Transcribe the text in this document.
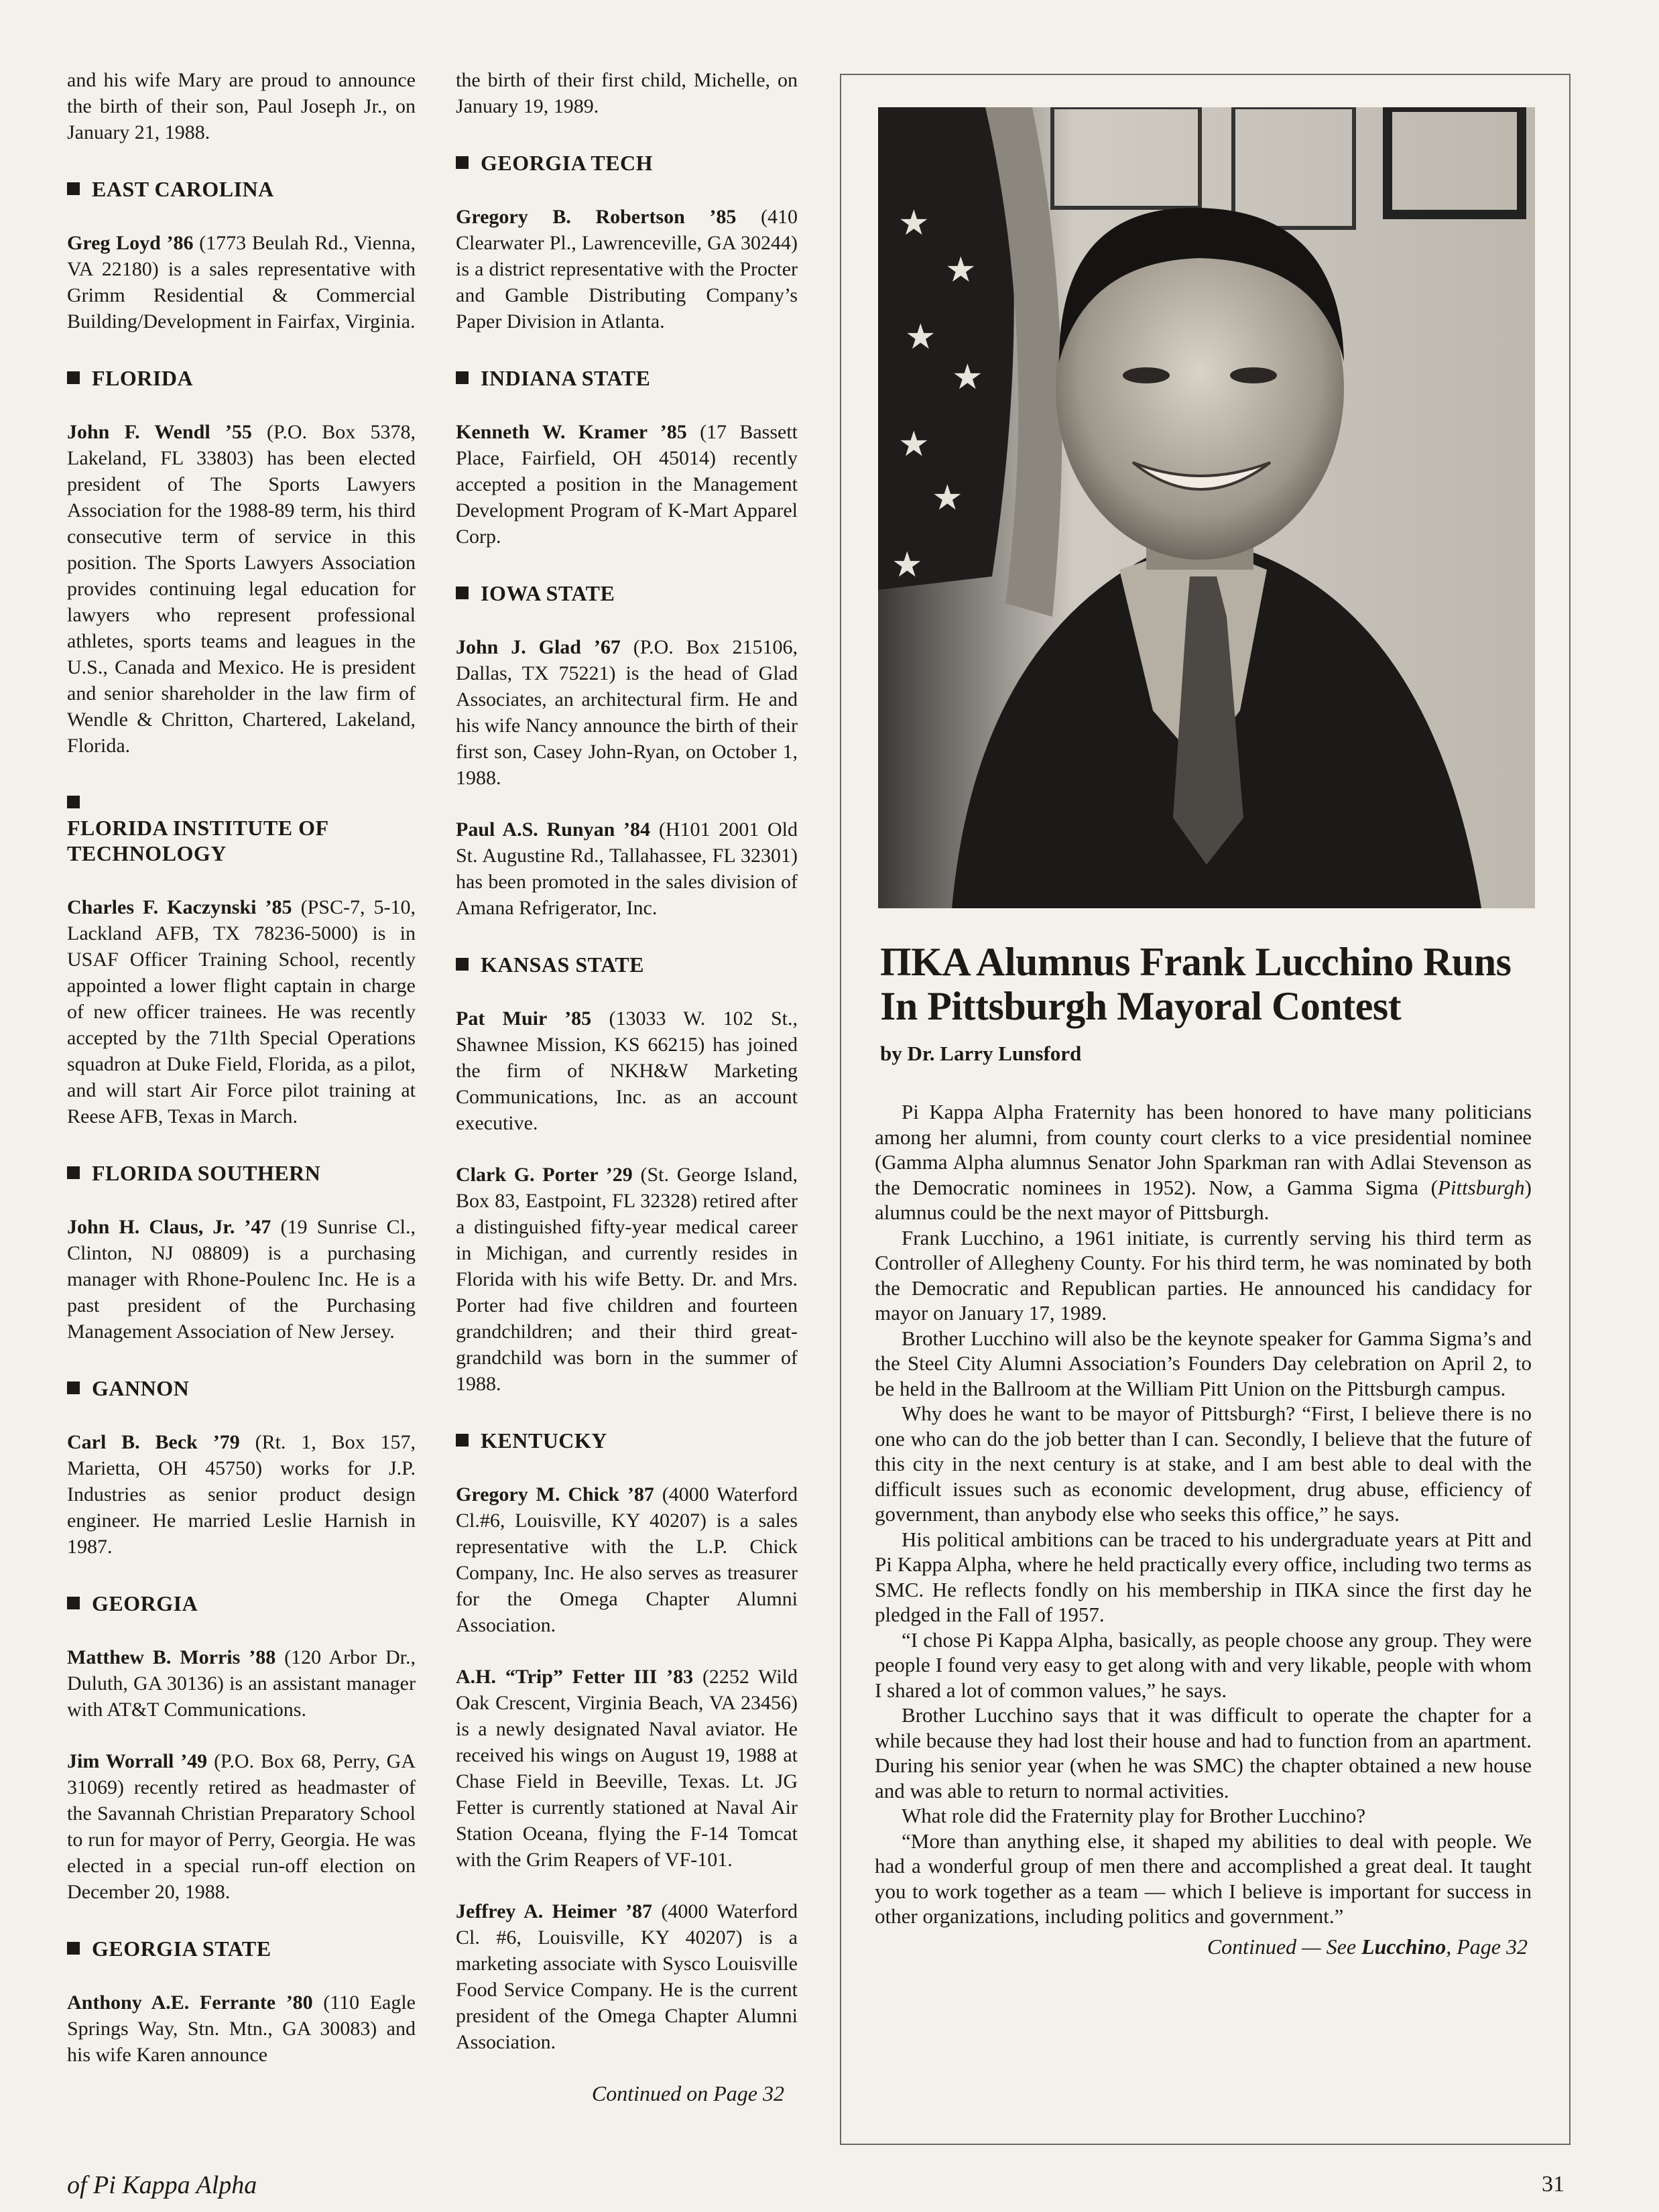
and his wife Mary are proud to announce the birth of their son, Paul Joseph Jr., on January 21, 1988.

EAST CAROLINA

Greg Loyd ’86 (1773 Beulah Rd., Vienna, VA 22180) is a sales representative with Grimm Residential & Commercial Building/Development in Fairfax, Virginia.

FLORIDA

John F. Wendl ’55 (P.O. Box 5378, Lakeland, FL 33803) has been elected president of The Sports Lawyers Association for the 1988-89 term, his third consecutive term of service in this position. The Sports Lawyers Association provides continuing legal education for lawyers who represent professional athletes, sports teams and leagues in the U.S., Canada and Mexico. He is president and senior shareholder in the law firm of Wendle & Chritton, Chartered, Lakeland, Florida.

FLORIDA INSTITUTE OF TECHNOLOGY

Charles F. Kaczynski ’85 (PSC-7, 5-10, Lackland AFB, TX 78236-5000) is in USAF Officer Training School, recently appointed a lower flight captain in charge of new officer trainees. He was recently accepted by the 71lth Special Operations squadron at Duke Field, Florida, as a pilot, and will start Air Force pilot training at Reese AFB, Texas in March.

FLORIDA SOUTHERN

John H. Claus, Jr. ’47 (19 Sunrise Cl., Clinton, NJ 08809) is a purchasing manager with Rhone-Poulenc Inc. He is a past president of the Purchasing Management Association of New Jersey.

GANNON

Carl B. Beck ’79 (Rt. 1, Box 157, Marietta, OH 45750) works for J.P. Industries as senior product design engineer. He married Leslie Harnish in 1987.

GEORGIA

Matthew B. Morris ’88 (120 Arbor Dr., Duluth, GA 30136) is an assistant manager with AT&T Communications.

Jim Worrall ’49 (P.O. Box 68, Perry, GA 31069) recently retired as headmaster of the Savannah Christian Preparatory School to run for mayor of Perry, Georgia. He was elected in a special run-off election on December 20, 1988.

GEORGIA STATE

Anthony A.E. Ferrante ’80 (110 Eagle Springs Way, Stn. Mtn., GA 30083) and his wife Karen announce

the birth of their first child, Michelle, on January 19, 1989.

GEORGIA TECH

Gregory B. Robertson ’85 (410 Clearwater Pl., Lawrenceville, GA 30244) is a district representative with the Procter and Gamble Distributing Company’s Paper Division in Atlanta.

INDIANA STATE

Kenneth W. Kramer ’85 (17 Bassett Place, Fairfield, OH 45014) recently accepted a position in the Management Development Program of K-Mart Apparel Corp.

IOWA STATE

John J. Glad ’67 (P.O. Box 215106, Dallas, TX 75221) is the head of Glad Associates, an architectural firm. He and his wife Nancy announce the birth of their first son, Casey John-Ryan, on October 1, 1988.

Paul A.S. Runyan ’84 (H101 2001 Old St. Augustine Rd., Tallahassee, FL 32301) has been promoted in the sales division of Amana Refrigerator, Inc.

KANSAS STATE

Pat Muir ’85 (13033 W. 102 St., Shawnee Mission, KS 66215) has joined the firm of NKH&W Marketing Communications, Inc. as an account executive.

Clark G. Porter ’29 (St. George Island, Box 83, Eastpoint, FL 32328) retired after a distinguished fifty-year medical career in Michigan, and currently resides in Florida with his wife Betty. Dr. and Mrs. Porter had five children and fourteen grandchildren; and their third great-grandchild was born in the summer of 1988.

KENTUCKY

Gregory M. Chick ’87 (4000 Waterford Cl.#6, Louisville, KY 40207) is a sales representative with the L.P. Chick Company, Inc. He also serves as treasurer for the Omega Chapter Alumni Association.

A.H. “Trip” Fetter III ’83 (2252 Wild Oak Crescent, Virginia Beach, VA 23456) is a newly designated Naval aviator. He received his wings on August 19, 1988 at Chase Field in Beeville, Texas. Lt. JG Fetter is currently stationed at Naval Air Station Oceana, flying the F-14 Tomcat with the Grim Reapers of VF-101.

Jeffrey A. Heimer ’87 (4000 Waterford Cl. #6, Louisville, KY 40207) is a marketing associate with Sysco Louisville Food Service Company. He is the current president of the Omega Chapter Alumni Association.

Continued on Page 32
★
★
★
★
★
★
★
ΠKA Alumnus Frank Lucchino Runs In Pittsburgh Mayoral Contest
by Dr. Larry Lunsford

Pi Kappa Alpha Fraternity has been honored to have many politicians among her alumni, from county court clerks to a vice presidential nominee (Gamma Alpha alumnus Senator John Sparkman ran with Adlai Stevenson as the Democratic nominees in 1952). Now, a Gamma Sigma (Pittsburgh) alumnus could be the next mayor of Pittsburgh.

Frank Lucchino, a 1961 initiate, is currently serving his third term as Controller of Allegheny County. For his third term, he was nominated by both the Democratic and Republican parties. He announced his candidacy for mayor on January 17, 1989.

Brother Lucchino will also be the keynote speaker for Gamma Sigma’s and the Steel City Alumni Association’s Founders Day celebration on April 2, to be held in the Ballroom at the William Pitt Union on the Pittsburgh campus.

Why does he want to be mayor of Pittsburgh? “First, I believe there is no one who can do the job better than I can. Secondly, I believe that the future of this city in the next century is at stake, and I am best able to deal with the difficult issues such as economic development, drug abuse, efficiency of government, than anybody else who seeks this office,” he says.

His political ambitions can be traced to his undergraduate years at Pitt and Pi Kappa Alpha, where he held practically every office, including two terms as SMC. He reflects fondly on his membership in ΠKA since the first day he pledged in the Fall of 1957.

“I chose Pi Kappa Alpha, basically, as people choose any group. They were people I found very easy to get along with and very likable, people with whom I shared a lot of common values,” he says.

Brother Lucchino says that it was difficult to operate the chapter for a while because they had lost their house and had to function from an apartment. During his senior year (when he was SMC) the chapter obtained a new house and was able to return to normal activities.

What role did the Fraternity play for Brother Lucchino?

“More than anything else, it shaped my abilities to deal with people. We had a wonderful group of men there and accomplished a great deal. It taught you to work together as a team — which I believe is important for success in other organizations, including politics and government.”

Continued — See Lucchino, Page 32
of Pi Kappa Alpha	31
